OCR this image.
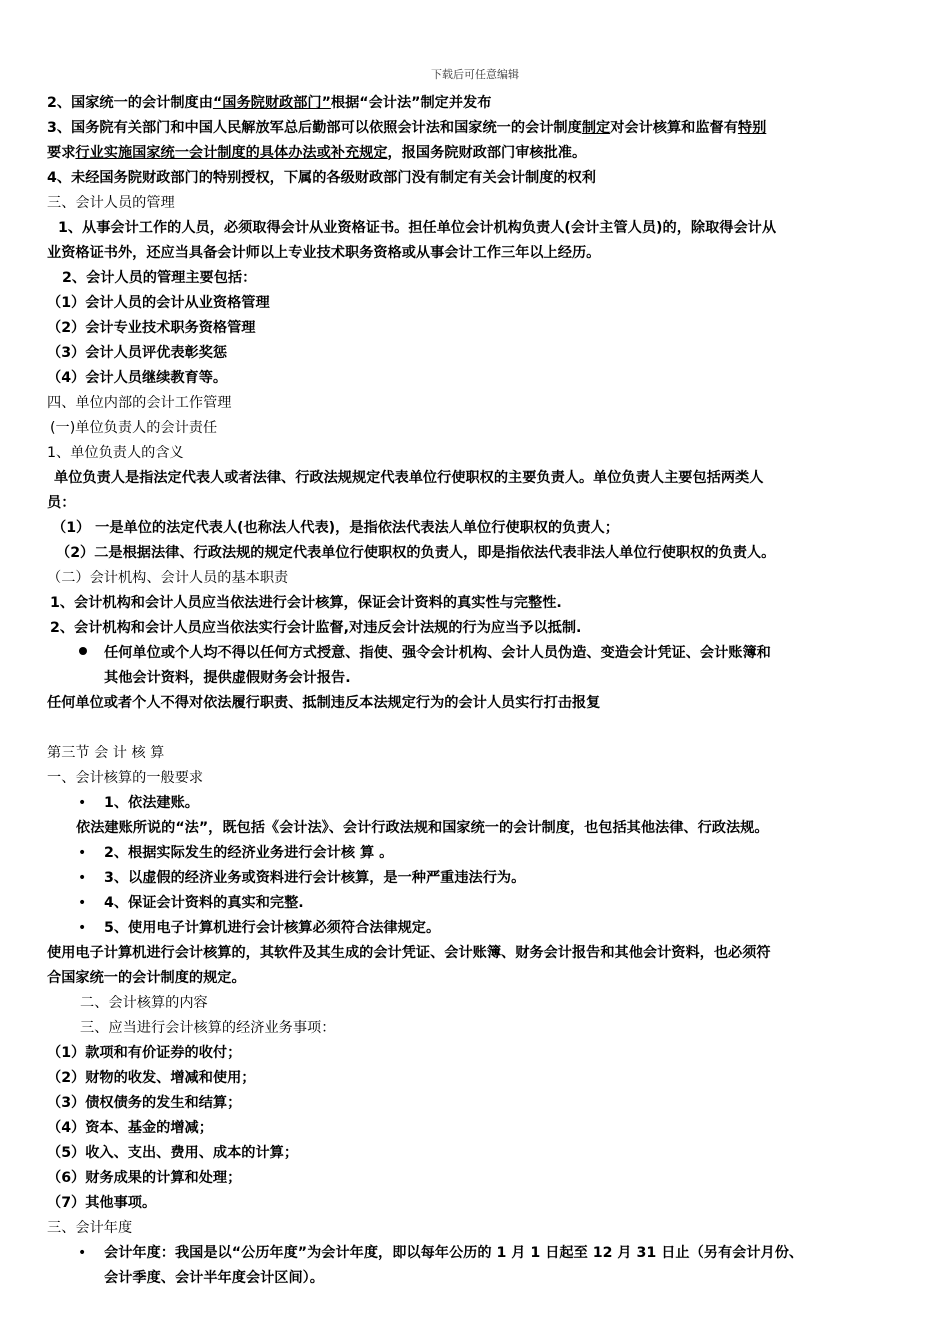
下载后可任意编辑
2、国家统一的会计制度由“国务院财政部门”根据“会计法”制定并发布
3、国务院有关部门和中国人民解放军总后勤部可以依照会计法和国家统一的会计制度制定对会计核算和监督有特别
要求行业实施国家统一会计制度的具体办法或补充规定，报国务院财政部门审核批准。
4、未经国务院财政部门的特别授权，下属的各级财政部门没有制定有关会计制度的权利
三、会计人员的管理
1、从事会计工作的人员，必须取得会计从业资格证书。担任单位会计机构负责人(会计主管人员)的，除取得会计从
业资格证书外，还应当具备会计师以上专业技术职务资格或从事会计工作三年以上经历。
2、会计人员的管理主要包括：
（1）会计人员的会计从业资格管理
（2）会计专业技术职务资格管理
（3）会计人员评优表彰奖惩
（4）会计人员继续教育等。
四、单位内部的会计工作管理
(一)单位负责人的会计责任
1、单位负责人的含义
单位负责人是指法定代表人或者法律、行政法规规定代表单位行使职权的主要负责人。单位负责人主要包括两类人
员：
（1） 一是单位的法定代表人(也称法人代表)，是指依法代表法人单位行使职权的负责人；
（2）二是根据法律、行政法规的规定代表单位行使职权的负责人，即是指依法代表非法人单位行使职权的负责人。
（二）会计机构、会计人员的基本职责
1、会计机构和会计人员应当依法进行会计核算，保证会计资料的真实性与完整性.
2、会计机构和会计人员应当依法实行会计监督,对违反会计法规的行为应当予以抵制.
任何单位或个人均不得以任何方式授意、指使、强令会计机构、会计人员伪造、变造会计凭证、会计账簿和
其他会计资料，提供虚假财务会计报告.
任何单位或者个人不得对依法履行职责、抵制违反本法规定行为的会计人员实行打击报复
第三节 会 计 核 算
一、会计核算的一般要求
• 1、依法建账。
依法建账所说的“法”，既包括《会计法》、会计行政法规和国家统一的会计制度，也包括其他法律、行政法规。
• 2、根据实际发生的经济业务进行会计核 算 。
• 3、以虚假的经济业务或资料进行会计核算，是一种严重违法行为。
• 4、保证会计资料的真实和完整.
• 5、使用电子计算机进行会计核算必须符合法律规定。
使用电子计算机进行会计核算的，其软件及其生成的会计凭证、会计账簿、财务会计报告和其他会计资料，也必须符
合国家统一的会计制度的规定。
二、会计核算的内容
三、应当进行会计核算的经济业务事项：
（1）款项和有价证券的收付；
（2）财物的收发、增减和使用；
（3）债权债务的发生和结算；
（4）资本、基金的增减；
（5）收入、支出、费用、成本的计算；
（6）财务成果的计算和处理；
（7）其他事项。
三、会计年度
• 会计年度：我国是以“公历年度”为会计年度，即以每年公历的 1 月 1 日起至 12 月 31 日止（另有会计月份、
会计季度、会计半年度会计区间）。
